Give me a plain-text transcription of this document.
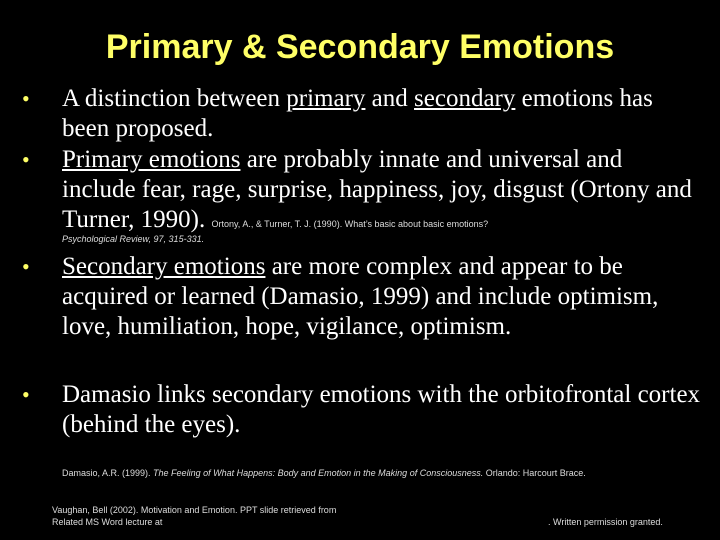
Primary & Secondary Emotions
• A distinction between primary and secondary emotions has been proposed.
• Primary emotions are probably innate and universal and include fear, rage, surprise, happiness, joy, disgust (Ortony and Turner, 1990). Ortony, A., & Turner, T. J. (1990). What’s basic about basic emotions?
Psychological Review, 97, 315-331.
• Secondary emotions are more complex and appear to be acquired or learned (Damasio, 1999) and include optimism, love, humiliation, hope, vigilance, optimism.
• Damasio links secondary emotions with the orbitofrontal cortex (behind the eyes).
Damasio, A.R. (1999). The Feeling of What Happens: Body and Emotion in the Making of Consciousness. Orlando: Harcourt Brace.
Vaughan, Bell (2002). Motivation and Emotion. PPT slide retrieved from
Related MS Word lecture at	. Written permission granted.
